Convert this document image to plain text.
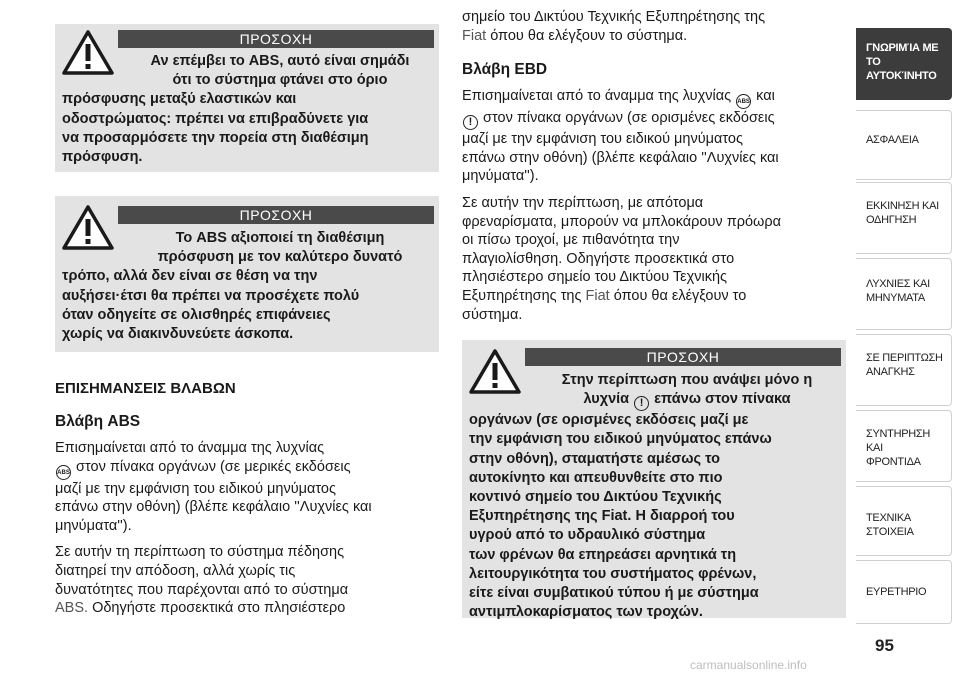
ΠΡΟΣΟΧΗ
Αν επέμβει το ABS, αυτό είναι σημάδι
ότι το σύστημα φτάνει στο όριο
πρόσφυσης μεταξύ ελαστικών και
οδοστρώματος: πρέπει να επιβραδύνετε για
να προσαρμόσετε την πορεία στη διαθέσιμη
πρόσφυση.
ΠΡΟΣΟΧΗ
Το ABS αξιοποιεί τη διαθέσιμη
πρόσφυση με τον καλύτερο δυνατό
τρόπο, αλλά δεν είναι σε θέση να την
αυξήσει·έτσι θα πρέπει να προσέχετε πολύ
όταν οδηγείτε σε ολισθηρές επιφάνειες
χωρίς να διακινδυνεύετε άσκοπα.
ΕΠΙΣΗΜΑΝΣΕΙΣ ΒΛΑΒΩΝ
Βλάβη ABS
Επισημαίνεται από το άναμμα της λυχνίας
ABS στον πίνακα οργάνων (σε μερικές εκδόσεις
μαζί με την εμφάνιση του ειδικού μηνύματος
επάνω στην οθόνη) (βλέπε κεφάλαιο ''Λυχνίες και
μηνύματα'').
Σε αυτήν τη περίπτωση το σύστημα πέδησης
διατηρεί την απόδοση, αλλά χωρίς τις
δυνατότητες που παρέχονται από το σύστημα
ABS. Οδηγήστε προσεκτικά στο πλησιέστερο
σημείο του Δικτύου Τεχνικής Εξυπηρέτησης της
Fiat όπου θα ελέγξουν το σύστημα.
Βλάβη EBD
Επισημαίνεται από το άναμμα της λυχνίας ABS και
! στον πίνακα οργάνων (σε ορισμένες εκδόσεις
μαζί με την εμφάνιση του ειδικού μηνύματος
επάνω στην οθόνη) (βλέπε κεφάλαιο ''Λυχνίες και
μηνύματα'').
Σε αυτήν την περίπτωση, με απότομα
φρεναρίσματα, μπορούν να μπλοκάρουν πρόωρα
οι πίσω τροχοί, με πιθανότητα την
πλαγιολίσθηση. Οδηγήστε προσεκτικά στο
πλησιέστερο σημείο του Δικτύου Τεχνικής
Εξυπηρέτησης της Fiat όπου θα ελέγξουν το
σύστημα.
ΠΡΟΣΟΧΗ
Στην περίπτωση που ανάψει μόνο η
λυχνία ! επάνω στον πίνακα
οργάνων (σε ορισμένες εκδόσεις μαζί με
την εμφάνιση του ειδικού μηνύματος επάνω
στην οθόνη), σταματήστε αμέσως το
αυτοκίνητο και απευθυνθείτε στο πιο
κοντινό σημείο του Δικτύου Τεχνικής
Εξυπηρέτησης της Fiat. Η διαρροή του
υγρού από το υδραυλικό σύστημα
των φρένων θα επηρεάσει αρνητικά τη
λειτουργικότητα του συστήματος φρένων,
είτε είναι συμβατικού τύπου ή με σύστημα
αντιμπλοκαρίσματος των τροχών.
ΓΝΩΡΙΜΊΑ ΜΕ ΤΟ
ΑΥΤΟΚΊΝΗΤΟ
ΑΣΦΑΛΕΙΑ
ΕΚΚΙΝΗΣΗ ΚΑΙ
ΟΔΗΓΗΣΗ
ΛΥΧΝΙΕΣ ΚΑΙ
ΜΗΝΥΜΑΤΑ
ΣΕ ΠΕΡΙΠΤΩΣΗ
ΑΝΑΓΚΗΣ
ΣΥΝΤΗΡΗΣΗ ΚΑΙ
ΦΡΟΝΤΙΔΑ
ΤΕΧΝΙΚΑ ΣΤΟΙΧΕΙΑ
ΕΥΡΕΤΗΡΙΟ
95
carmanualsonline.info
